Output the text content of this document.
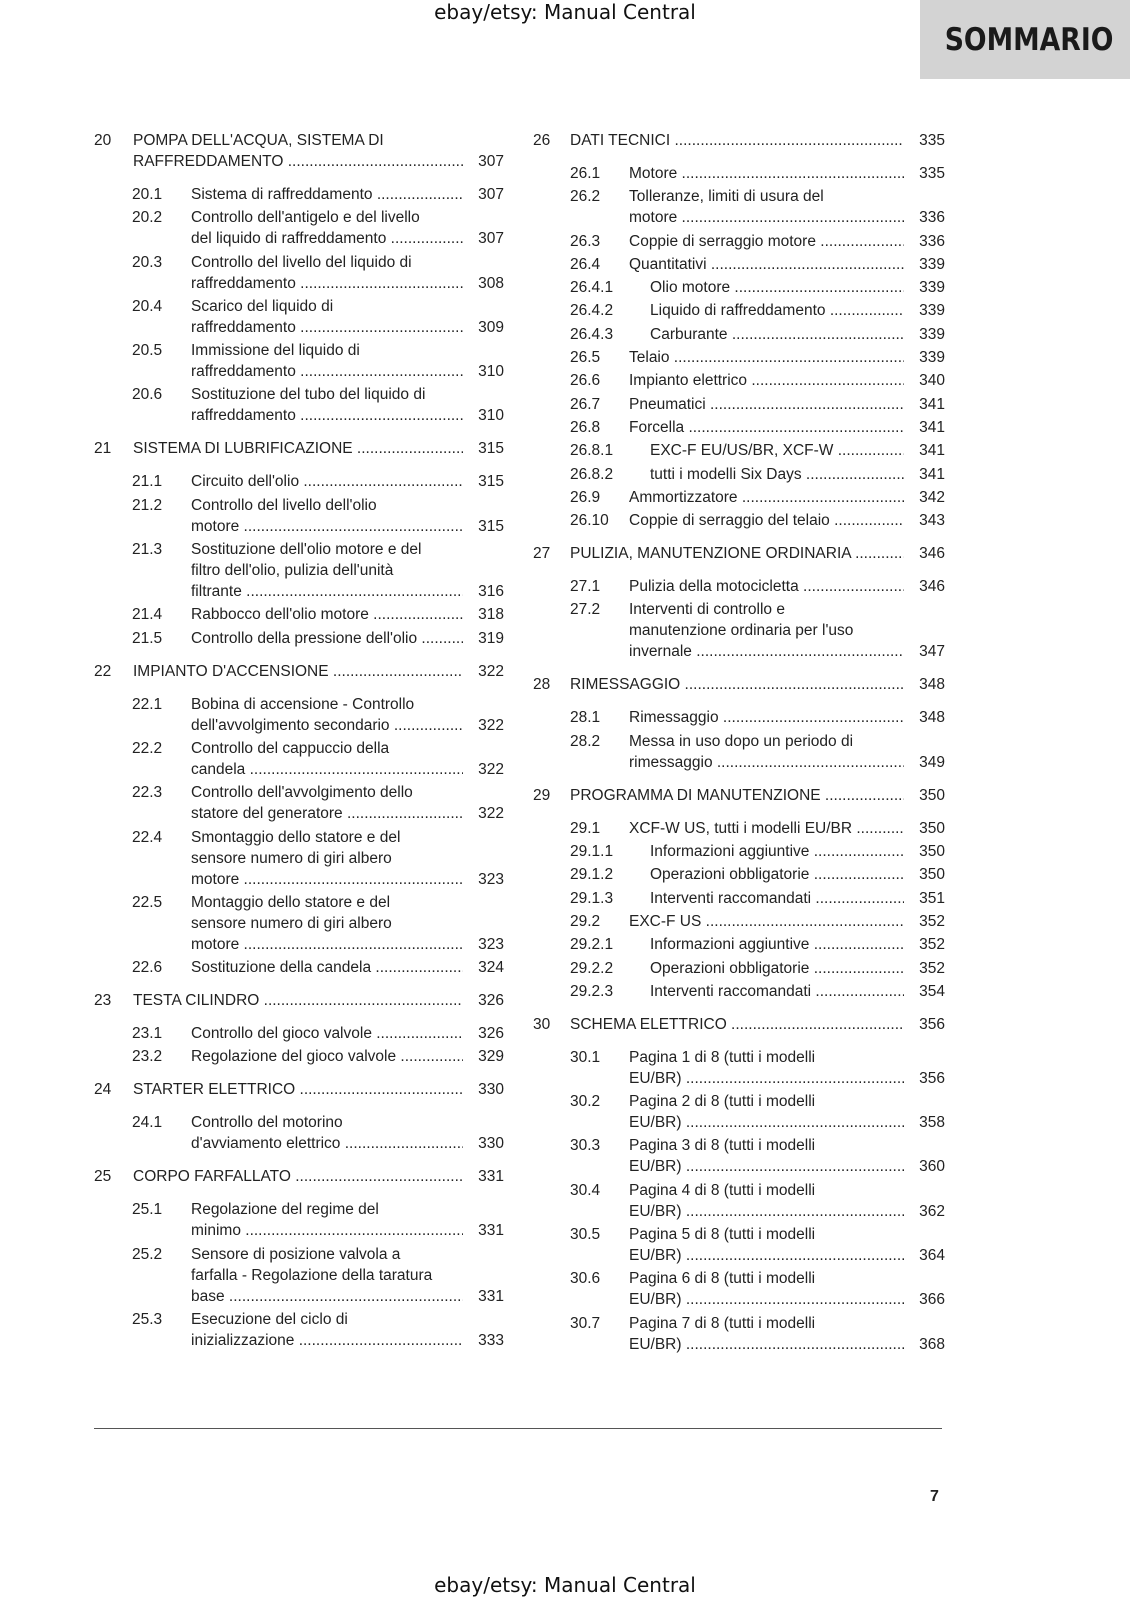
ebay/etsy: Manual Central
SOMMARIO
20	POMPA DELL'ACQUA, SISTEMA DI
RAFFREDDAMENTO .....	307
20.1	Sistema di raffreddamento .....	307
20.2	Controllo dell'antigelo e del livello
del liquido di raffreddamento .....	307
20.3	Controllo del livello del liquido di
raffreddamento .....	308
20.4	Scarico del liquido di
raffreddamento .....	309
20.5	Immissione del liquido di
raffreddamento .....	310
20.6	Sostituzione del tubo del liquido di
raffreddamento .....	310
21	SISTEMA DI LUBRIFICAZIONE .....	315
21.1	Circuito dell'olio .....	315
21.2	Controllo del livello dell'olio
motore .....	315
21.3	Sostituzione dell'olio motore e del
filtro dell'olio, pulizia dell'unità
filtrante .....	316
21.4	Rabbocco dell'olio motore .....	318
21.5	Controllo della pressione dell'olio .....	319
22	IMPIANTO D'ACCENSIONE .....	322
22.1	Bobina di accensione - Controllo
dell'avvolgimento secondario .....	322
22.2	Controllo del cappuccio della
candela .....	322
22.3	Controllo dell'avvolgimento dello
statore del generatore .....	322
22.4	Smontaggio dello statore e del
sensore numero di giri albero
motore .....	323
22.5	Montaggio dello statore e del
sensore numero di giri albero
motore .....	323
22.6	Sostituzione della candela .....	324
23	TESTA CILINDRO .....	326
23.1	Controllo del gioco valvole .....	326
23.2	Regolazione del gioco valvole .....	329
24	STARTER ELETTRICO .....	330
24.1	Controllo del motorino
d'avviamento elettrico .....	330
25	CORPO FARFALLATO .....	331
25.1	Regolazione del regime del
minimo .....	331
25.2	Sensore di posizione valvola a
farfalla - Regolazione della taratura
base .....	331
25.3	Esecuzione del ciclo di
inizializzazione .....	333
26	DATI TECNICI .....	335
26.1	Motore .....	335
26.2	Tolleranze, limiti di usura del
motore .....	336
26.3	Coppie di serraggio motore .....	336
26.4	Quantitativi .....	339
26.4.1	Olio motore .....	339
26.4.2	Liquido di raffreddamento .....	339
26.4.3	Carburante .....	339
26.5	Telaio .....	339
26.6	Impianto elettrico .....	340
26.7	Pneumatici .....	341
26.8	Forcella .....	341
26.8.1	EXC-F EU/US/BR, XCF-W .....	341
26.8.2	tutti i modelli Six Days .....	341
26.9	Ammortizzatore .....	342
26.10	Coppie di serraggio del telaio .....	343
27	PULIZIA, MANUTENZIONE ORDINARIA .....	346
27.1	Pulizia della motocicletta .....	346
27.2	Interventi di controllo e
manutenzione ordinaria per l'uso
invernale .....	347
28	RIMESSAGGIO .....	348
28.1	Rimessaggio .....	348
28.2	Messa in uso dopo un periodo di
rimessaggio .....	349
29	PROGRAMMA DI MANUTENZIONE .....	350
29.1	XCF-W US, tutti i modelli EU/BR .....	350
29.1.1	Informazioni aggiuntive .....	350
29.1.2	Operazioni obbligatorie .....	350
29.1.3	Interventi raccomandati .....	351
29.2	EXC-F US .....	352
29.2.1	Informazioni aggiuntive .....	352
29.2.2	Operazioni obbligatorie .....	352
29.2.3	Interventi raccomandati .....	354
30	SCHEMA ELETTRICO .....	356
30.1	Pagina 1 di 8 (tutti i modelli
EU/BR) .....	356
30.2	Pagina 2 di 8 (tutti i modelli
EU/BR) .....	358
30.3	Pagina 3 di 8 (tutti i modelli
EU/BR) .....	360
30.4	Pagina 4 di 8 (tutti i modelli
EU/BR) .....	362
30.5	Pagina 5 di 8 (tutti i modelli
EU/BR) .....	364
30.6	Pagina 6 di 8 (tutti i modelli
EU/BR) .....	366
30.7	Pagina 7 di 8 (tutti i modelli
EU/BR) .....	368
7
ebay/etsy: Manual Central
